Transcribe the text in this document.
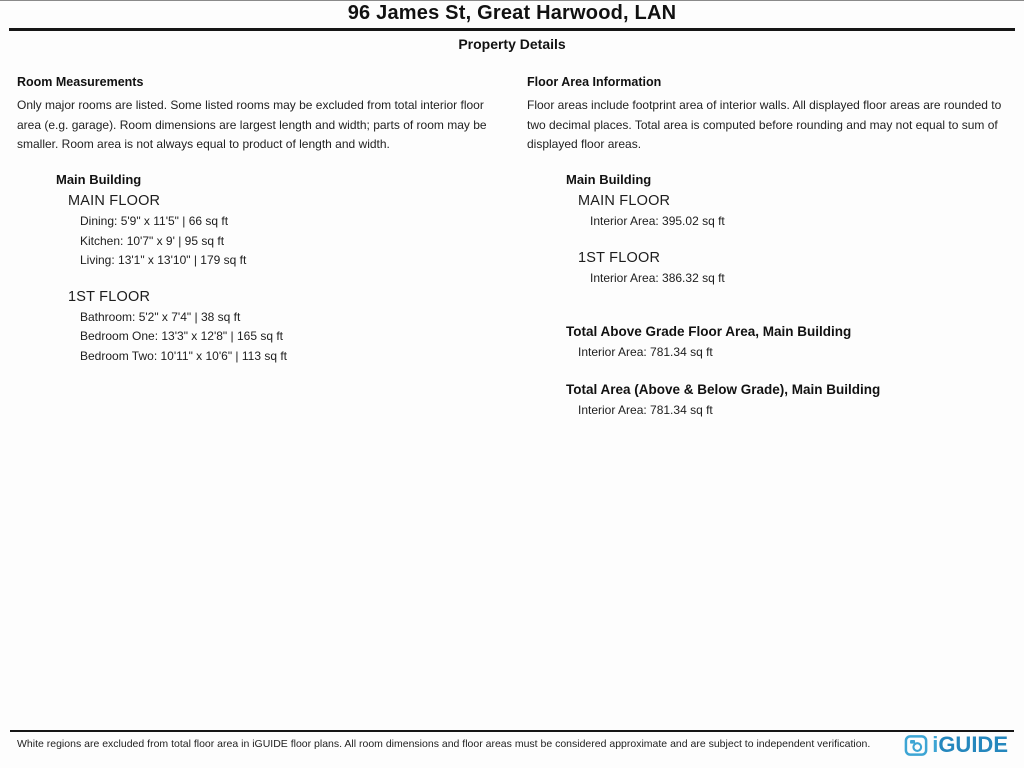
96 James St, Great Harwood, LAN
Property Details
Room Measurements

Only major rooms are listed. Some listed rooms may be excluded from total interior floor area (e.g. garage). Room dimensions are largest length and width; parts of room may be smaller. Room area is not always equal to product of length and width.

Main Building
MAIN FLOOR
Dining: 5'9" x 11'5" | 66 sq ft
Kitchen: 10'7" x 9' | 95 sq ft
Living: 13'1" x 13'10" | 179 sq ft
1ST FLOOR
Bathroom: 5'2" x 7'4" | 38 sq ft
Bedroom One: 13'3" x 12'8" | 165 sq ft
Bedroom Two: 10'11" x 10'6" | 113 sq ft
Floor Area Information

Floor areas include footprint area of interior walls. All displayed floor areas are rounded to two decimal places. Total area is computed before rounding and may not equal to sum of displayed floor areas.

Main Building
MAIN FLOOR
Interior Area: 395.02 sq ft
1ST FLOOR
Interior Area: 386.32 sq ft
Total Above Grade Floor Area, Main Building
Interior Area: 781.34 sq ft
Total Area (Above & Below Grade), Main Building
Interior Area: 781.34 sq ft
White regions are excluded from total floor area in iGUIDE floor plans. All room dimensions and floor areas must be considered approximate and are subject to independent verification.	iGUIDE
